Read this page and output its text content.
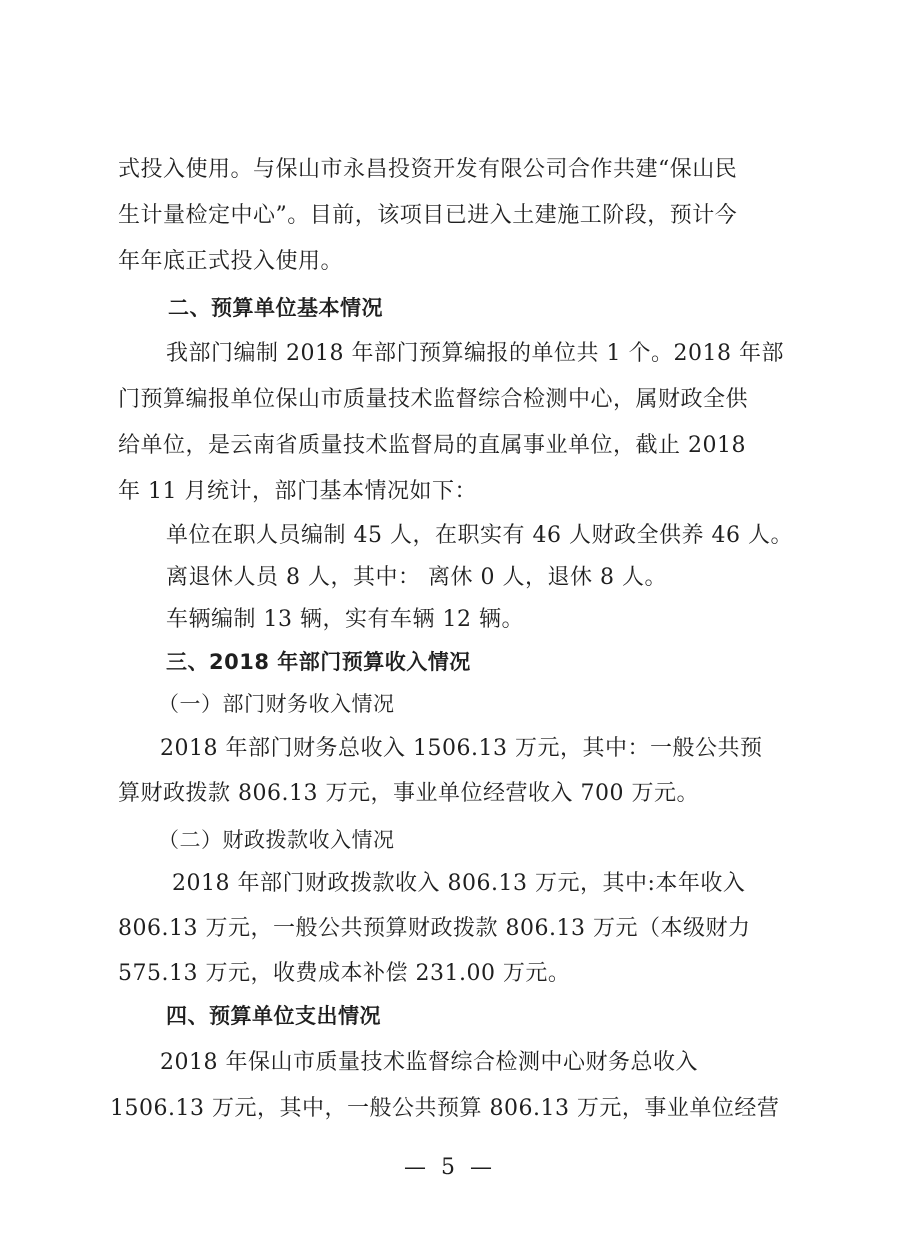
式投入使用。与保山市永昌投资开发有限公司合作共建“保山民
生计量检定中心”。目前，该项目已进入土建施工阶段，预计今
年年底正式投入使用。
二、预算单位基本情况
我部门编制 2018 年部门预算编报的单位共 1 个。2018 年部
门预算编报单位保山市质量技术监督综合检测中心，属财政全供
给单位，是云南省质量技术监督局的直属事业单位，截止 2018
年 11 月统计，部门基本情况如下：
单位在职人员编制 45 人，在职实有 46 人财政全供养 46 人。
离退休人员 8 人，其中： 离休 0 人，退休 8 人。
车辆编制 13 辆，实有车辆 12 辆。
三、2018 年部门预算收入情况
（一）部门财务收入情况
2018 年部门财务总收入 1506.13 万元，其中：一般公共预
算财政拨款 806.13 万元，事业单位经营收入 700 万元。
（二）财政拨款收入情况
2018 年部门财政拨款收入 806.13 万元，其中:本年收入
806.13 万元，一般公共预算财政拨款 806.13 万元（本级财力
575.13 万元，收费成本补偿 231.00 万元。
四、预算单位支出情况
2018 年保山市质量技术监督综合检测中心财务总收入
1506.13 万元，其中，一般公共预算 806.13 万元，事业单位经营
— 5 —
